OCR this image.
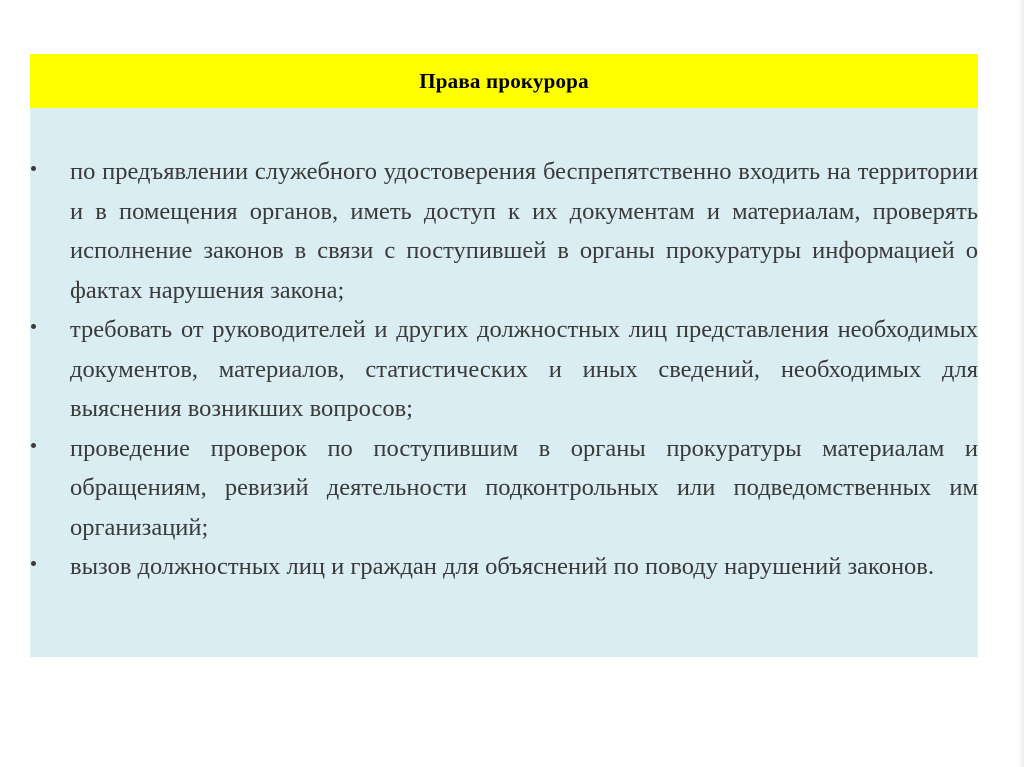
Права прокурора
по предъявлении служебного удостоверения беспрепятственно входить на территории и в помещения органов, иметь доступ к их документам и материалам, проверять исполнение законов в связи с поступившей в органы прокуратуры информацией о фактах нарушения закона;
требовать от руководителей и других должностных лиц представления необходимых документов, материалов, статистических и иных сведений, необходимых для выяснения возникших вопросов;
проведение проверок по поступившим в органы прокуратуры материалам и обращениям, ревизий деятельности подконтрольных или подведомственных им организаций;
вызов должностных лиц и граждан для объяснений по поводу нарушений законов.
